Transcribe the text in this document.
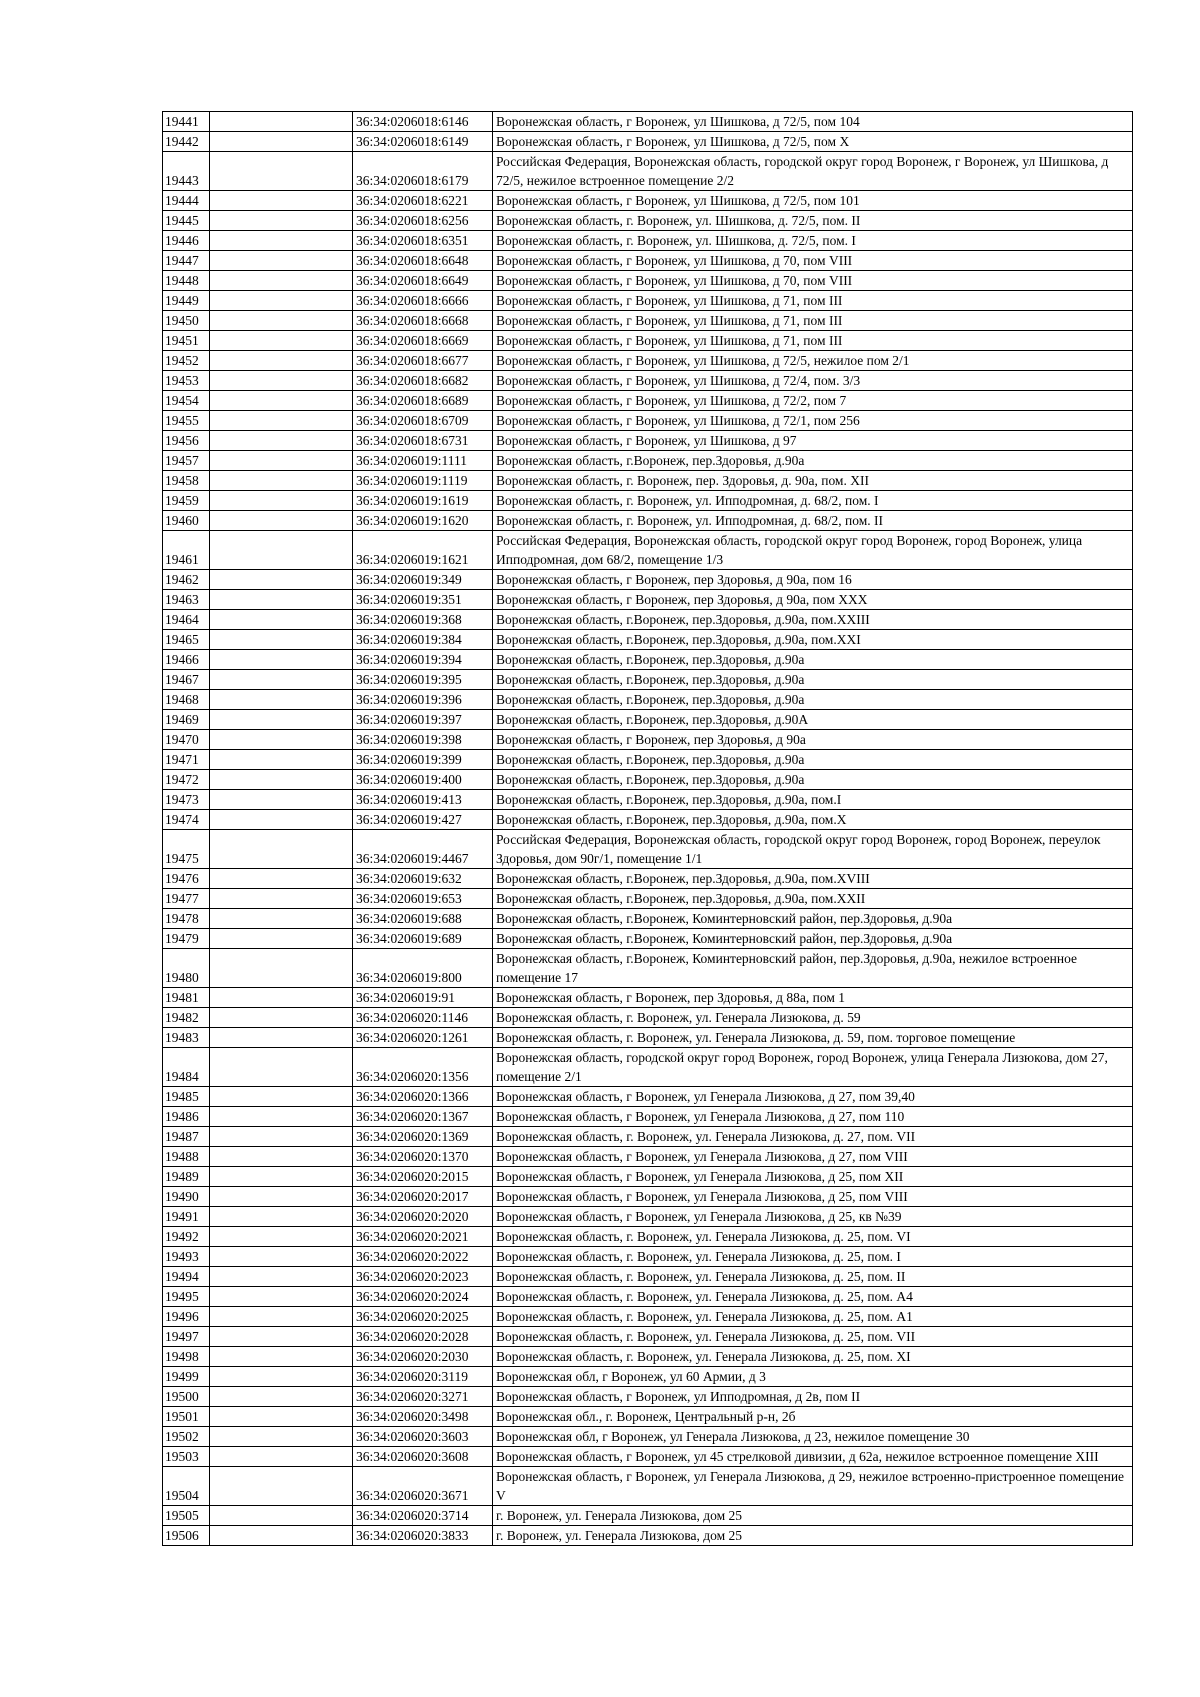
19441		36:34:0206018:6146	Воронежская область, г Воронеж, ул Шишкова, д 72/5, пом 104
19442		36:34:0206018:6149	Воронежская область, г Воронеж, ул Шишкова, д 72/5, пом X
19443		36:34:0206018:6179	Российская Федерация, Воронежская область, городской округ город Воронеж, г Воронеж, ул Шишкова, д 72/5, нежилое встроенное помещение 2/2
19444		36:34:0206018:6221	Воронежская область, г Воронеж, ул Шишкова, д 72/5, пом 101
19445		36:34:0206018:6256	Воронежская область, г. Воронеж, ул. Шишкова, д. 72/5, пом. II
19446		36:34:0206018:6351	Воронежская область, г. Воронеж, ул. Шишкова, д. 72/5, пом. I
19447		36:34:0206018:6648	Воронежская область, г Воронеж, ул Шишкова, д 70, пом VIII
19448		36:34:0206018:6649	Воронежская область, г Воронеж, ул Шишкова, д 70, пом VIII
19449		36:34:0206018:6666	Воронежская область, г Воронеж, ул Шишкова, д 71, пом III
19450		36:34:0206018:6668	Воронежская область, г Воронеж, ул Шишкова, д 71, пом III
19451		36:34:0206018:6669	Воронежская область, г Воронеж, ул Шишкова, д 71, пом III
19452		36:34:0206018:6677	Воронежская область, г Воронеж, ул Шишкова, д 72/5, нежилое пом 2/1
19453		36:34:0206018:6682	Воронежская область, г Воронеж, ул Шишкова, д 72/4, пом. 3/3
19454		36:34:0206018:6689	Воронежская область, г Воронеж, ул Шишкова, д 72/2, пом 7
19455		36:34:0206018:6709	Воронежская область, г Воронеж, ул Шишкова, д 72/1, пом 256
19456		36:34:0206018:6731	Воронежская область, г Воронеж, ул Шишкова, д 97
19457		36:34:0206019:1111	Воронежская область, г.Воронеж, пер.Здоровья, д.90а
19458		36:34:0206019:1119	Воронежская область, г. Воронеж, пер. Здоровья, д. 90а, пом. XII
19459		36:34:0206019:1619	Воронежская область, г. Воронеж, ул. Ипподромная, д. 68/2, пом. I
19460		36:34:0206019:1620	Воронежская область, г. Воронеж, ул. Ипподромная, д. 68/2, пом. II
19461		36:34:0206019:1621	Российская Федерация, Воронежская область, городской округ город Воронеж, город Воронеж, улица Ипподромная, дом 68/2, помещение 1/3
19462		36:34:0206019:349	Воронежская область, г Воронеж, пер Здоровья, д 90а, пом 16
19463		36:34:0206019:351	Воронежская область, г Воронеж, пер Здоровья, д 90а, пом XXX
19464		36:34:0206019:368	Воронежская область, г.Воронеж, пер.Здоровья, д.90а, пом.XXIII
19465		36:34:0206019:384	Воронежская область, г.Воронеж, пер.Здоровья, д.90а, пом.XXI
19466		36:34:0206019:394	Воронежская область, г.Воронеж, пер.Здоровья, д.90а
19467		36:34:0206019:395	Воронежская область, г.Воронеж, пер.Здоровья, д.90а
19468		36:34:0206019:396	Воронежская область, г.Воронеж, пер.Здоровья, д.90а
19469		36:34:0206019:397	Воронежская область, г.Воронеж, пер.Здоровья, д.90А
19470		36:34:0206019:398	Воронежская область, г Воронеж, пер Здоровья, д 90а
19471		36:34:0206019:399	Воронежская область, г.Воронеж, пер.Здоровья, д.90а
19472		36:34:0206019:400	Воронежская область, г.Воронеж, пер.Здоровья, д.90а
19473		36:34:0206019:413	Воронежская область, г.Воронеж, пер.Здоровья, д.90а, пом.I
19474		36:34:0206019:427	Воронежская область, г.Воронеж, пер.Здоровья, д.90а, пом.X
19475		36:34:0206019:4467	Российская Федерация, Воронежская область, городской округ город Воронеж, город Воронеж, переулок Здоровья, дом 90г/1, помещение 1/1
19476		36:34:0206019:632	Воронежская область, г.Воронеж, пер.Здоровья, д.90а, пом.XVIII
19477		36:34:0206019:653	Воронежская область, г.Воронеж, пер.Здоровья, д.90а, пом.XXII
19478		36:34:0206019:688	Воронежская область, г.Воронеж, Коминтерновский район, пер.Здоровья, д.90а
19479		36:34:0206019:689	Воронежская область, г.Воронеж, Коминтерновский район, пер.Здоровья, д.90а
19480		36:34:0206019:800	Воронежская область, г.Воронеж, Коминтерновский район, пер.Здоровья, д.90а, нежилое встроенное помещение 17
19481		36:34:0206019:91	Воронежская область, г Воронеж, пер Здоровья, д 88а, пом 1
19482		36:34:0206020:1146	Воронежская область, г. Воронеж, ул. Генерала Лизюкова, д. 59
19483		36:34:0206020:1261	Воронежская область, г. Воронеж, ул. Генерала Лизюкова, д. 59, пом. торговое помещение
19484		36:34:0206020:1356	Воронежская область, городской округ город Воронеж, город Воронеж, улица Генерала Лизюкова, дом 27, помещение 2/1
19485		36:34:0206020:1366	Воронежская область, г Воронеж, ул Генерала Лизюкова, д 27, пом 39,40
19486		36:34:0206020:1367	Воронежская область, г Воронеж, ул Генерала Лизюкова, д 27, пом 110
19487		36:34:0206020:1369	Воронежская область, г. Воронеж, ул. Генерала Лизюкова, д. 27, пом. VII
19488		36:34:0206020:1370	Воронежская область, г Воронеж, ул Генерала Лизюкова, д 27, пом VIII
19489		36:34:0206020:2015	Воронежская область, г Воронеж, ул Генерала Лизюкова, д 25, пом XII
19490		36:34:0206020:2017	Воронежская область, г Воронеж, ул Генерала Лизюкова, д 25, пом VIII
19491		36:34:0206020:2020	Воронежская область, г Воронеж, ул Генерала Лизюкова, д 25, кв №39
19492		36:34:0206020:2021	Воронежская область, г. Воронеж, ул. Генерала Лизюкова, д. 25, пом. VI
19493		36:34:0206020:2022	Воронежская область, г. Воронеж, ул. Генерала Лизюкова, д. 25, пом. I
19494		36:34:0206020:2023	Воронежская область, г. Воронеж, ул. Генерала Лизюкова, д. 25, пом. II
19495		36:34:0206020:2024	Воронежская область, г. Воронеж, ул. Генерала Лизюкова, д. 25, пом. А4
19496		36:34:0206020:2025	Воронежская область, г. Воронеж, ул. Генерала Лизюкова, д. 25, пом. А1
19497		36:34:0206020:2028	Воронежская область, г. Воронеж, ул. Генерала Лизюкова, д. 25, пом. VII
19498		36:34:0206020:2030	Воронежская область, г. Воронеж, ул. Генерала Лизюкова, д. 25, пом. XI
19499		36:34:0206020:3119	Воронежская обл, г Воронеж, ул 60 Армии, д 3
19500		36:34:0206020:3271	Воронежская область, г Воронеж, ул Ипподромная, д 2в, пом II
19501		36:34:0206020:3498	Воронежская обл., г. Воронеж, Центральный р-н, 2б
19502		36:34:0206020:3603	Воронежская обл, г Воронеж, ул Генерала Лизюкова, д 23, нежилое помещение 30
19503		36:34:0206020:3608	Воронежская область, г Воронеж, ул 45 стрелковой дивизии, д 62а, нежилое встроенное помещение XIII
19504		36:34:0206020:3671	Воронежская область, г Воронеж, ул Генерала Лизюкова, д 29, нежилое встроенно-пристроенное помещение V
19505		36:34:0206020:3714	г. Воронеж, ул. Генерала Лизюкова, дом 25
19506		36:34:0206020:3833	г. Воронеж, ул. Генерала Лизюкова, дом 25
